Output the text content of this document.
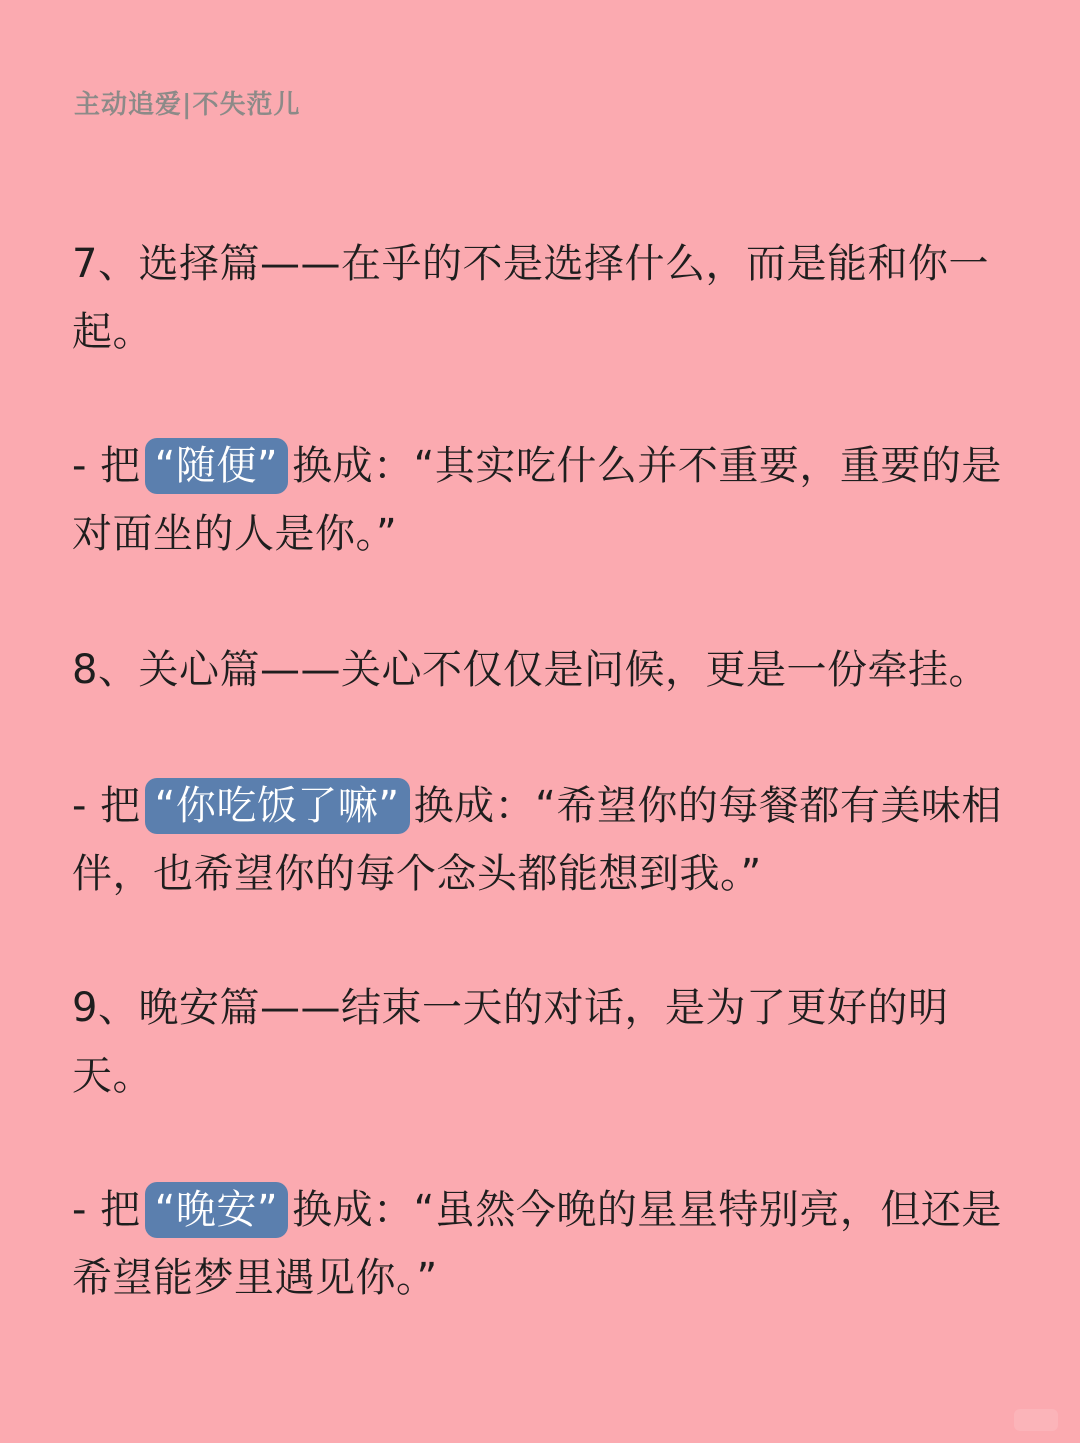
主动追爱|不失范儿
7、选择篇——在乎的不是选择什么，而是能和你一起。
- 把 “随便” 换成：“其实吃什么并不重要，重要的是对面坐的人是你。”
8、关心篇——关心不仅仅是问候，更是一份牵挂。
- 把 “你吃饭了嘛” 换成：“希望你的每餐都有美味相伴，也希望你的每个念头都能想到我。”
9、晚安篇——结束一天的对话，是为了更好的明天。
- 把 “晚安” 换成：“虽然今晚的星星特别亮，但还是希望能梦里遇见你。”
